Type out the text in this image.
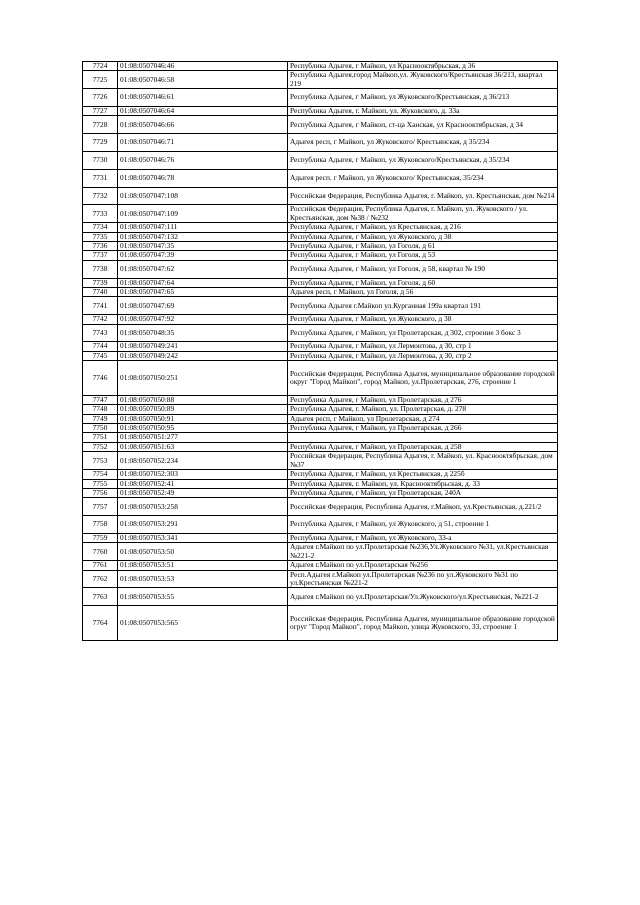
7724	01:08:0507046:46	Республика Адыгея, г Майкоп, ул Краснооктябрьская, д 36
7725	01:08:0507046:58	Республика Адыгея,город Майкоп,ул. Жуковского/Крестьянская 36/213, квартал 219
7726	01:08:0507046:61	Республика Адыгея, г Майкоп, ул Жуковского/Крестьянская, д 36/213
7727	01:08:0507046:64	Республика Адыгея, г. Майкоп, ул. Жуковского, д. 33а
7728	01:08:0507046:66	Республика Адыгея, г Майкоп, ст-ца Ханская, ул Краснооктябрьская, д 34
7729	01:08:0507046:71	Адыгея респ, г Майкоп, ул Жуковского/ Крестьянская, д 35/234
7730	01:08:0507046:76	Республика Адыгея, г Майкоп, ул Жуковского/Крестьянская, д 35/234
7731	01:08:0507046:78	Адыгея респ. г Майкоп, ул Жуковского/ Крестьянская, 35/234
7732	01:08:0507047:108	Российская Федерация, Республика Адыгея, г. Майкоп, ул. Крестьянская, дом №214
7733	01:08:0507047:109	Российская Федерация, Республика Адыгея, г. Майкоп, ул. Жуковского / ул. Крестьянская, дом №38 / №232
7734	01:08:0507047:111	Республика Адыгея, г Майкоп, ул Крестьянская, д 216
7735	01:08:0507047:132	Республика Адыгея, г Майкоп, ул Жуковского, д 38
7736	01:08:0507047:35	Республика Адыгея, г Майкоп, ул Гоголя, д 61
7737	01:08:0507047:39	Республика Адыгея, г Майкоп, ул Гоголя, д 53
7738	01:08:0507047:62	Республика Адыгея, г Майкоп, ул Гоголя, д 58, квартал № 190
7739	01:08:0507047:64	Республика Адыгея, г Майкоп, ул Гоголя, д 60
7740	01:08:0507047:65	Адыгея респ, г Майкоп, ул Гоголя, д 56
7741	01:08:0507047:69	Республика Адыгея г.Майкоп ул.Курганная 199а квартал 191
7742	01:08:0507047:92	Республика Адыгея, г Майкоп, ул Жуковского, д 38
7743	01:08:0507048:35	Республика Адыгея, г Майкоп, ул Пролетарская, д 302, строение 3 бокс 3
7744	01:08:0507049:241	Республика Адыгея, г Майкоп, ул Лермонтова, д 30, стр 1
7745	01:08:0507049:242	Республика Адыгея, г Майкоп, ул Лермонтова, д 30, стр 2
7746	01:08:0507050:251	Российская Федерация, Республика Адыгея, муниципальное образование городской округ "Город Майкоп", город Майкоп, ул.Пролетарская, 276, строение 1
7747	01:08:0507050:88	Республика Адыгея, г Майкоп, ул Пролетарская, д 276
7748	01:08:0507050:89	Республика Адыгея, г. Майкоп, ул. Пролетарская, д. 278
7749	01:08:0507050:91	Адыгея респ, г Майкоп, ул Пролетарская, д 274
7750	01:08:0507050:95	Республика Адыгея, г Майкоп, ул Пролетарская, д 266
7751	01:08:0507051:277	
7752	01:08:0507051:63	Республика Адыгея, г Майкоп, ул Пролетарская, д 258
7753	01:08:0507052:234	Российская Федерация, Республика Адыгея, г. Майкоп, ул. Краснооктябрьская, дом №37
7754	01:08:0507052:303	Республика Адыгея, г Майкоп, ул Крестьянская, д 225б
7755	01:08:0507052:41	Республика Адыгея, г. Майкоп, ул. Краснооктябрьская, д. 33
7756	01:08:0507052:49	Республика Адыгея, г Майкоп, ул Пролетарская, 240А
7757	01:08:0507053:258	Российская Федерация, Республика Адыгея, г.Майкоп, ул.Крестьянская, д.221/2
7758	01:08:0507053:291	Республика Адыгея, г Майкоп, ул Жуковского, д 51, строение 1
7759	01:08:0507053:341	Республика Адыгея, г Майкоп, ул Жуковского, 33-а
7760	01:08:0507053:50	Адыгея г.Майкоп по ул.Пролетарская №236,Ул.Жуковского №31, ул.Крестьянская №221-2
7761	01:08:0507053:51	Адыгея г.Майкоп по ул.Пролетарская №256
7762	01:08:0507053:53	Респ.Адыгея г.Майкоп ул.Пролетарская №236 по ул.Жуковского №31 по ул.Крестьянская №221-2
7763	01:08:0507053:55	Адыгея г.Майкоп по ул.Пролетарская/Ул.Жуковского/ул.Крестьянская, №221-2
7764	01:08:0507053:565	Российская Федерация, Республика Адыгея, муниципальное образование городской огруг "Город Майкоп", город Майкоп, улица Жуковского, 33, строение 1
